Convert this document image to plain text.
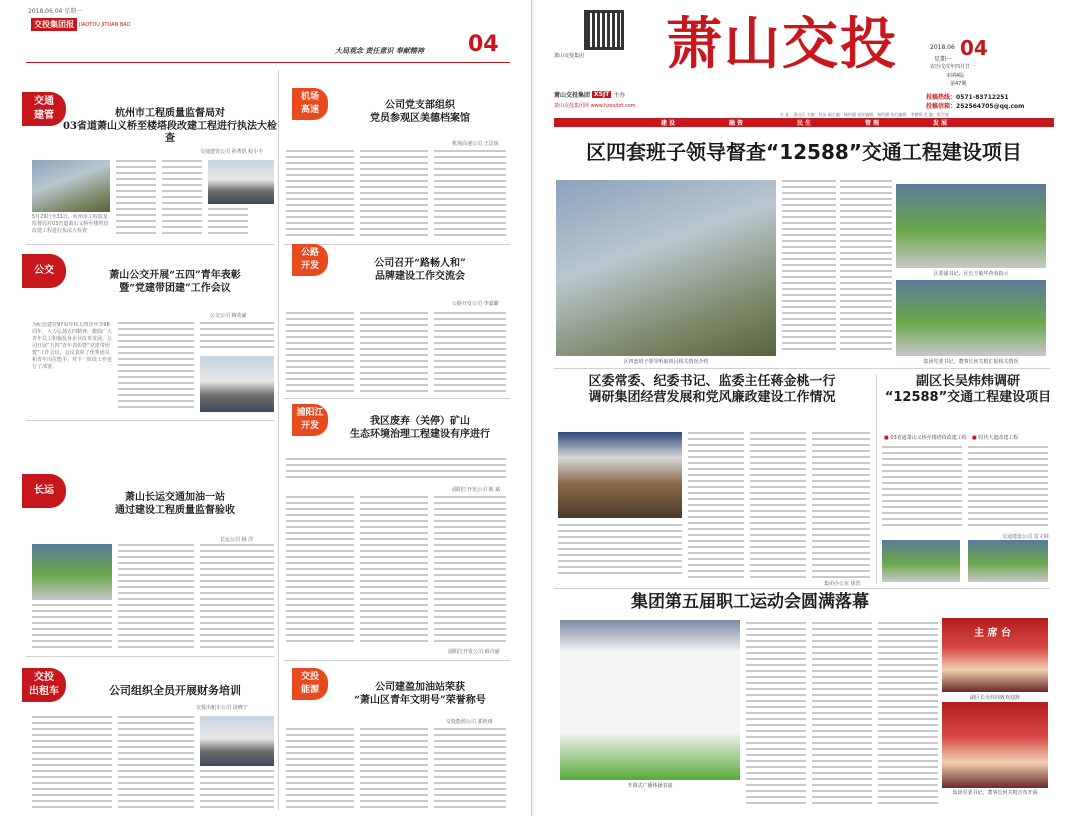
2018.06.04 星期一
交投集团报	JIAOTOU JITUAN BAO
大局观念 责任意识 奉献精神 04
交通
建管	杭州市工程质量监督局对
03省道萧山义桥至楼塔段改建工程进行执法大检查
交通建管公司 孙菁钒 程小丰
5月29日至31日，杭州市工程质量监督局对03省道萧山义桥至楼塔段改建工程进行执法大检查
机场
高速	公司党支部组织
党员参观区美德档案馆
机场高速公司 王洁琼
公交	萧山公交开展“五四”青年表彰
暨“党建带团建”工作会议
公交公司 梅英豪
为纪念建党97周年和五四青年节98周年，大力弘扬五四精神，激励广大青年员工积极投身企业改革发展，公司开展“五四”青年表彰暨“党建带团建”工作会议，会议表彰了优秀团员和青年岗位能手，对下一阶段工作进行了部署。
公路
开发	公司召开“路畅人和”
品牌建设工作交流会
公路开发公司 李嘉璐
浦阳江
开发	我区废弃（关停）矿山
生态环境治理工程建设有序进行
浦阳江开发公司 陈 斌
浦阳江开发公司 韩丹丽
长运
萧山长运交通加油一站
通过建设工程质量监督验收
长运公司 杨 洋
交投
出租车	公司组织全员开展财务培训
交投出租车公司 汤晓宁
交投
能源	公司建盈加油站荣获
“萧山区青年文明号”荣誉称号
交投能源公司 郭艳雨
萧山交投集团
萧山交投集团网 www.hzxsjtzt.com
萧山交投
萧山交投集团 XSJT 主办
2018.06
星期一 04
农历戊戌年四月廿一
本期4版
第47期
投稿热线：0571-83712251
投稿信箱：252564705@qq.com
社 址：萧山区 主编：杜泳 副主编：杨钧涵 责任编辑：杨钧涵 执行编辑：李德锋 美 编：陈学波
建 设	融 资	民 生	管 理	发 展
区四套班子领导督查“12588”交通工程建设项目
区四套班子领导听取项目相关情况介绍
区委副书记、区长王敏华查看指示
集团党委书记、董事长何关根汇报相关情况
区委常委、纪委书记、监委主任蒋金桃一行
调研集团经营发展和党风廉政建设工作情况
集团办公室 徐浩
副区长吴炜炜调研
“12588”交通工程建设项目
■ 03省道萧山义桥至楼塔段改建工程 ■ 时代大道改建工程
交通建设公司 雷文钢
集团第五届职工运动会圆满落幕
开幕式广播体操表演
主 席 台
副区长吴炜炜致欢迎辞
集团党委书记、董事长何关根宣布开幕
